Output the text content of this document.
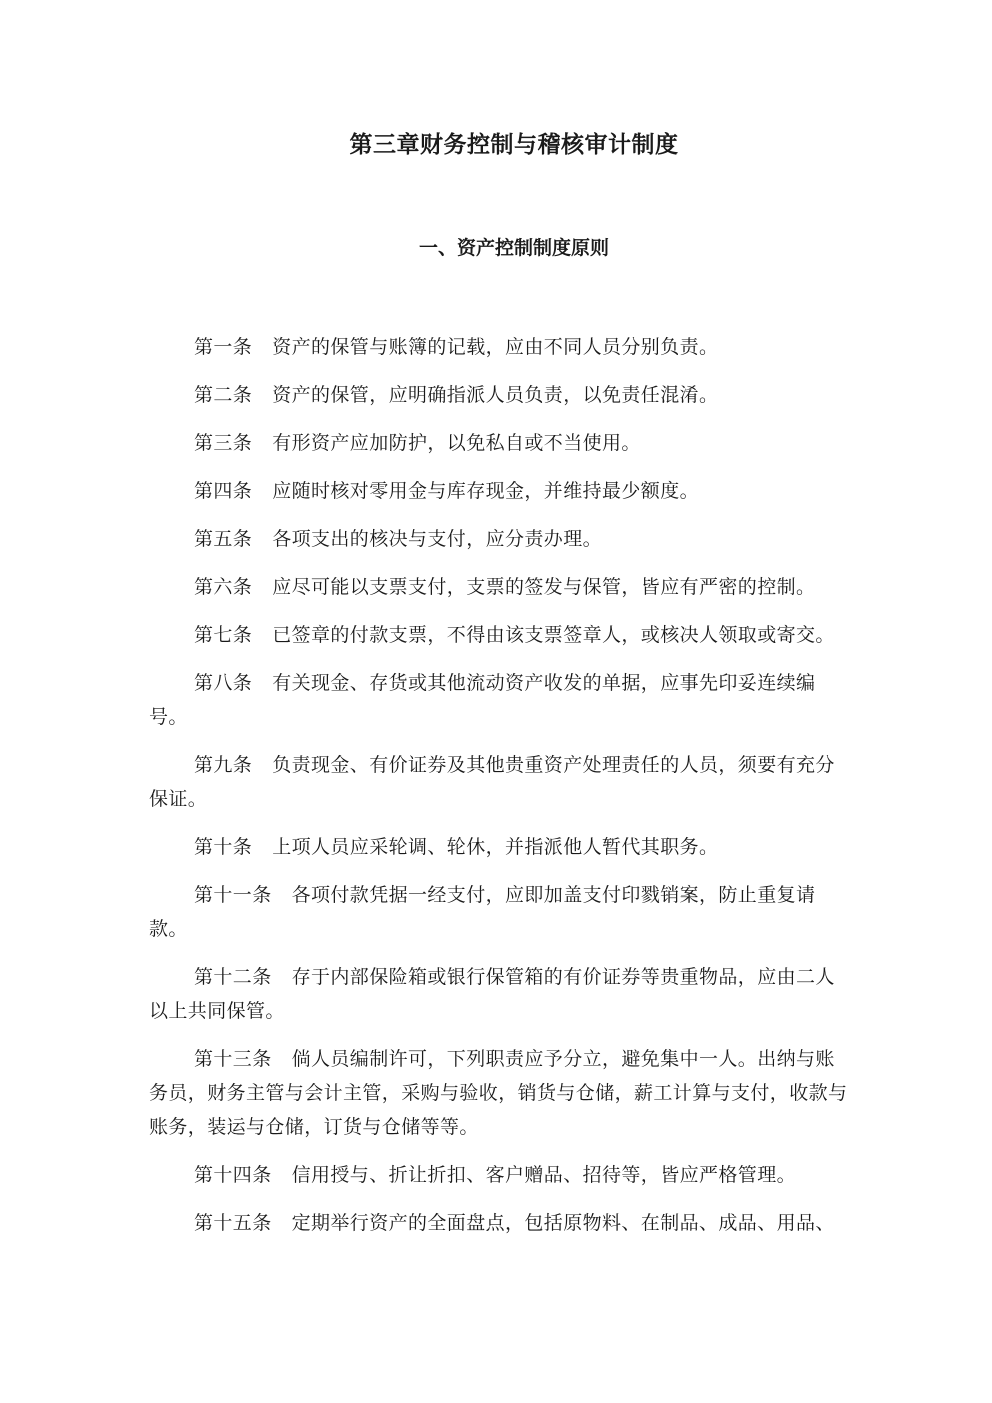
第三章财务控制与稽核审计制度
一、资产控制制度原则

第一条 资产的保管与账簿的记载，应由不同人员分别负责。

第二条 资产的保管，应明确指派人员负责，以免责任混淆。

第三条 有形资产应加防护，以免私自或不当使用。

第四条 应随时核对零用金与库存现金，并维持最少额度。

第五条 各项支出的核决与支付，应分责办理。

第六条 应尽可能以支票支付，支票的签发与保管，皆应有严密的控制。

第七条 已签章的付款支票，不得由该支票签章人，或核决人领取或寄交。

第八条 有关现金、存货或其他流动资产收发的单据，应事先印妥连续编号。

第九条 负责现金、有价证券及其他贵重资产处理责任的人员，须要有充分保证。

第十条 上项人员应采轮调、轮休，并指派他人暂代其职务。

第十一条 各项付款凭据一经支付，应即加盖支付印戮销案，防止重复请款。

第十二条 存于内部保险箱或银行保管箱的有价证券等贵重物品，应由二人以上共同保管。

第十三条 倘人员编制许可，下列职责应予分立，避免集中一人。出纳与账务员，财务主管与会计主管，采购与验收，销货与仓储，薪工计算与支付，收款与账务，装运与仓储，订货与仓储等等。

第十四条 信用授与、折让折扣、客户赠品、招待等，皆应严格管理。

第十五条 定期举行资产的全面盘点，包括原物料、在制品、成品、用品、
